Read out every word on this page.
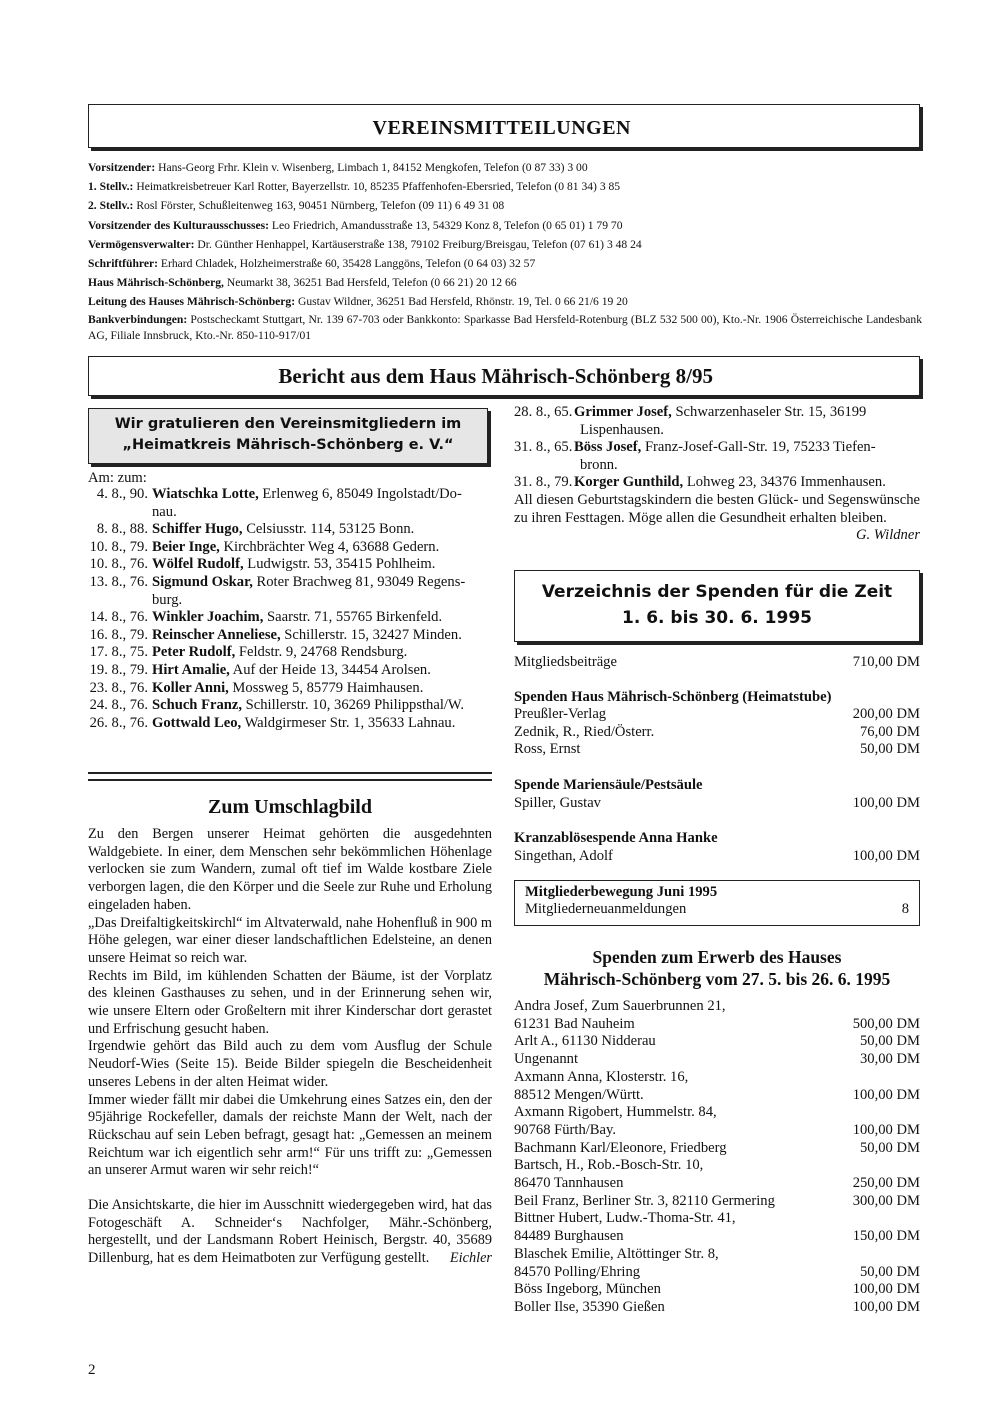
VEREINSMITTEILUNGEN
Vorsitzender: Hans-Georg Frhr. Klein v. Wisenberg, Limbach 1, 84152 Mengkofen, Telefon (0 87 33) 3 00
1. Stellv.: Heimatkreisbetreuer Karl Rotter, Bayerzellstr. 10, 85235 Pfaffenhofen-Ebersried, Telefon (0 81 34) 3 85
2. Stellv.: Rosl Förster, Schußleitenweg 163, 90451 Nürnberg, Telefon (09 11) 6 49 31 08
Vorsitzender des Kulturausschusses: Leo Friedrich, Amandusstraße 13, 54329 Konz 8, Telefon (0 65 01) 1 79 70
Vermögensverwalter: Dr. Günther Henhappel, Kartäuserstraße 138, 79102 Freiburg/Breisgau, Telefon (07 61) 3 48 24
Schriftführer: Erhard Chladek, Holzheimerstraße 60, 35428 Langgöns, Telefon (0 64 03) 32 57
Haus Mährisch-Schönberg, Neumarkt 38, 36251 Bad Hersfeld, Telefon (0 66 21) 20 12 66
Leitung des Hauses Mährisch-Schönberg: Gustav Wildner, 36251 Bad Hersfeld, Rhönstr. 19, Tel. 0 66 21/6 19 20
Bankverbindungen: Postscheckamt Stuttgart, Nr. 139 67-703 oder Bankkonto: Sparkasse Bad Hersfeld-Rotenburg (BLZ 532 500 00), Kto.-Nr. 1906 Österreichische Landesbank AG, Filiale Innsbruck, Kto.-Nr. 850-110-917/01
Bericht aus dem Haus Mährisch-Schönberg 8/95
Wir gratulieren den Vereinsmitgliedern im
„Heimatkreis Mährisch-Schönberg e. V.“
Am: zum:
4. 8., 90. Wiatschka Lotte, Erlenweg 6, 85049 Ingolstadt/Do-
nau.
8. 8., 88. Schiffer Hugo, Celsiusstr. 114, 53125 Bonn.
10. 8., 79. Beier Inge, Kirchbrächter Weg 4, 63688 Gedern.
10. 8., 76. Wölfel Rudolf, Ludwigstr. 53, 35415 Pohlheim.
13. 8., 76. Sigmund Oskar, Roter Brachweg 81, 93049 Regens-
burg.
14. 8., 76. Winkler Joachim, Saarstr. 71, 55765 Birkenfeld.
16. 8., 79. Reinscher Anneliese, Schillerstr. 15, 32427 Minden.
17. 8., 75. Peter Rudolf, Feldstr. 9, 24768 Rendsburg.
19. 8., 79. Hirt Amalie, Auf der Heide 13, 34454 Arolsen.
23. 8., 76. Koller Anni, Mossweg 5, 85779 Haimhausen.
24. 8., 76. Schuch Franz, Schillerstr. 10, 36269 Philippsthal/W.
26. 8., 76. Gottwald Leo, Waldgirmeser Str. 1, 35633 Lahnau.
Zum Umschlagbild

Zu den Bergen unserer Heimat gehörten die ausgedehnten Waldgebiete. In einer, dem Menschen sehr bekömmlichen Höhenlage verlocken sie zum Wandern, zumal oft tief im Walde kostbare Ziele verborgen lagen, die den Körper und die Seele zur Ruhe und Erholung eingeladen haben.

„Das Dreifaltigkeitskirchl“ im Altvaterwald, nahe Hohenfluß in 900 m Höhe gelegen, war einer dieser landschaftlichen Edelsteine, an denen unsere Heimat so reich war.

Rechts im Bild, im kühlenden Schatten der Bäume, ist der Vorplatz des kleinen Gasthauses zu sehen, und in der Erinnerung sehen wir, wie unsere Eltern oder Großeltern mit ihrer Kinderschar dort gerastet und Erfrischung gesucht haben.

Irgendwie gehört das Bild auch zu dem vom Ausflug der Schule Neudorf-Wies (Seite 15). Beide Bilder spiegeln die Bescheidenheit unseres Lebens in der alten Heimat wider.

Immer wieder fällt mir dabei die Umkehrung eines Satzes ein, den der 95jährige Rockefeller, damals der reichste Mann der Welt, nach der Rückschau auf sein Leben befragt, gesagt hat: „Gemessen an meinem Reichtum war ich eigentlich sehr arm!“ Für uns trifft zu: „Gemessen an unserer Armut waren wir sehr reich!“

Die Ansichtskarte, die hier im Ausschnitt wiedergegeben wird, hat das Fotogeschäft A. Schneider‘s Nachfolger, Mähr.-Schönberg, hergestellt, und der Landsmann Robert Heinisch, Bergstr. 40, 35689 Dillenburg, hat es dem Heimatboten zur Verfügung gestellt. Eichler

28. 8., 65. Grimmer Josef, Schwarzenhaseler Str. 15, 36199
Lispenhausen.
31. 8., 65. Böss Josef, Franz-Josef-Gall-Str. 19, 75233 Tiefen-
bronn.
31. 8., 79. Korger Gunthild, Lohweg 23, 34376 Immenhausen.
All diesen Geburtstagskindern die besten Glück- und Segenswünsche zu ihren Festtagen. Möge allen die Gesundheit erhalten bleiben.
G. Wildner
Verzeichnis der Spenden für die Zeit
1. 6. bis 30. 6. 1995
Mitgliedsbeiträge	710,00 DM
Spenden Haus Mährisch-Schönberg (Heimatstube)
Preußler-Verlag	200,00 DM
Zednik, R., Ried/Österr.	76,00 DM
Ross, Ernst	50,00 DM
Spende Mariensäule/Pestsäule
Spiller, Gustav	100,00 DM
Kranzablösespende Anna Hanke
Singethan, Adolf	100,00 DM
Mitgliederbewegung Juni 1995
Mitgliederneuanmeldungen	8
Spenden zum Erwerb des Hauses
Mährisch-Schönberg vom 27. 5. bis 26. 6. 1995
Andra Josef, Zum Sauerbrunnen 21,
61231 Bad Nauheim	500,00 DM
Arlt A., 61130 Nidderau	50,00 DM
Ungenannt	30,00 DM
Axmann Anna, Klosterstr. 16,
88512 Mengen/Württ.	100,00 DM
Axmann Rigobert, Hummelstr. 84,
90768 Fürth/Bay.	100,00 DM
Bachmann Karl/Eleonore, Friedberg	50,00 DM
Bartsch, H., Rob.-Bosch-Str. 10,
86470 Tannhausen	250,00 DM
Beil Franz, Berliner Str. 3, 82110 Germering	300,00 DM
Bittner Hubert, Ludw.-Thoma-Str. 41,
84489 Burghausen	150,00 DM
Blaschek Emilie, Altöttinger Str. 8,
84570 Polling/Ehring	50,00 DM
Böss Ingeborg, München	100,00 DM
Boller Ilse, 35390 Gießen	100,00 DM
2
